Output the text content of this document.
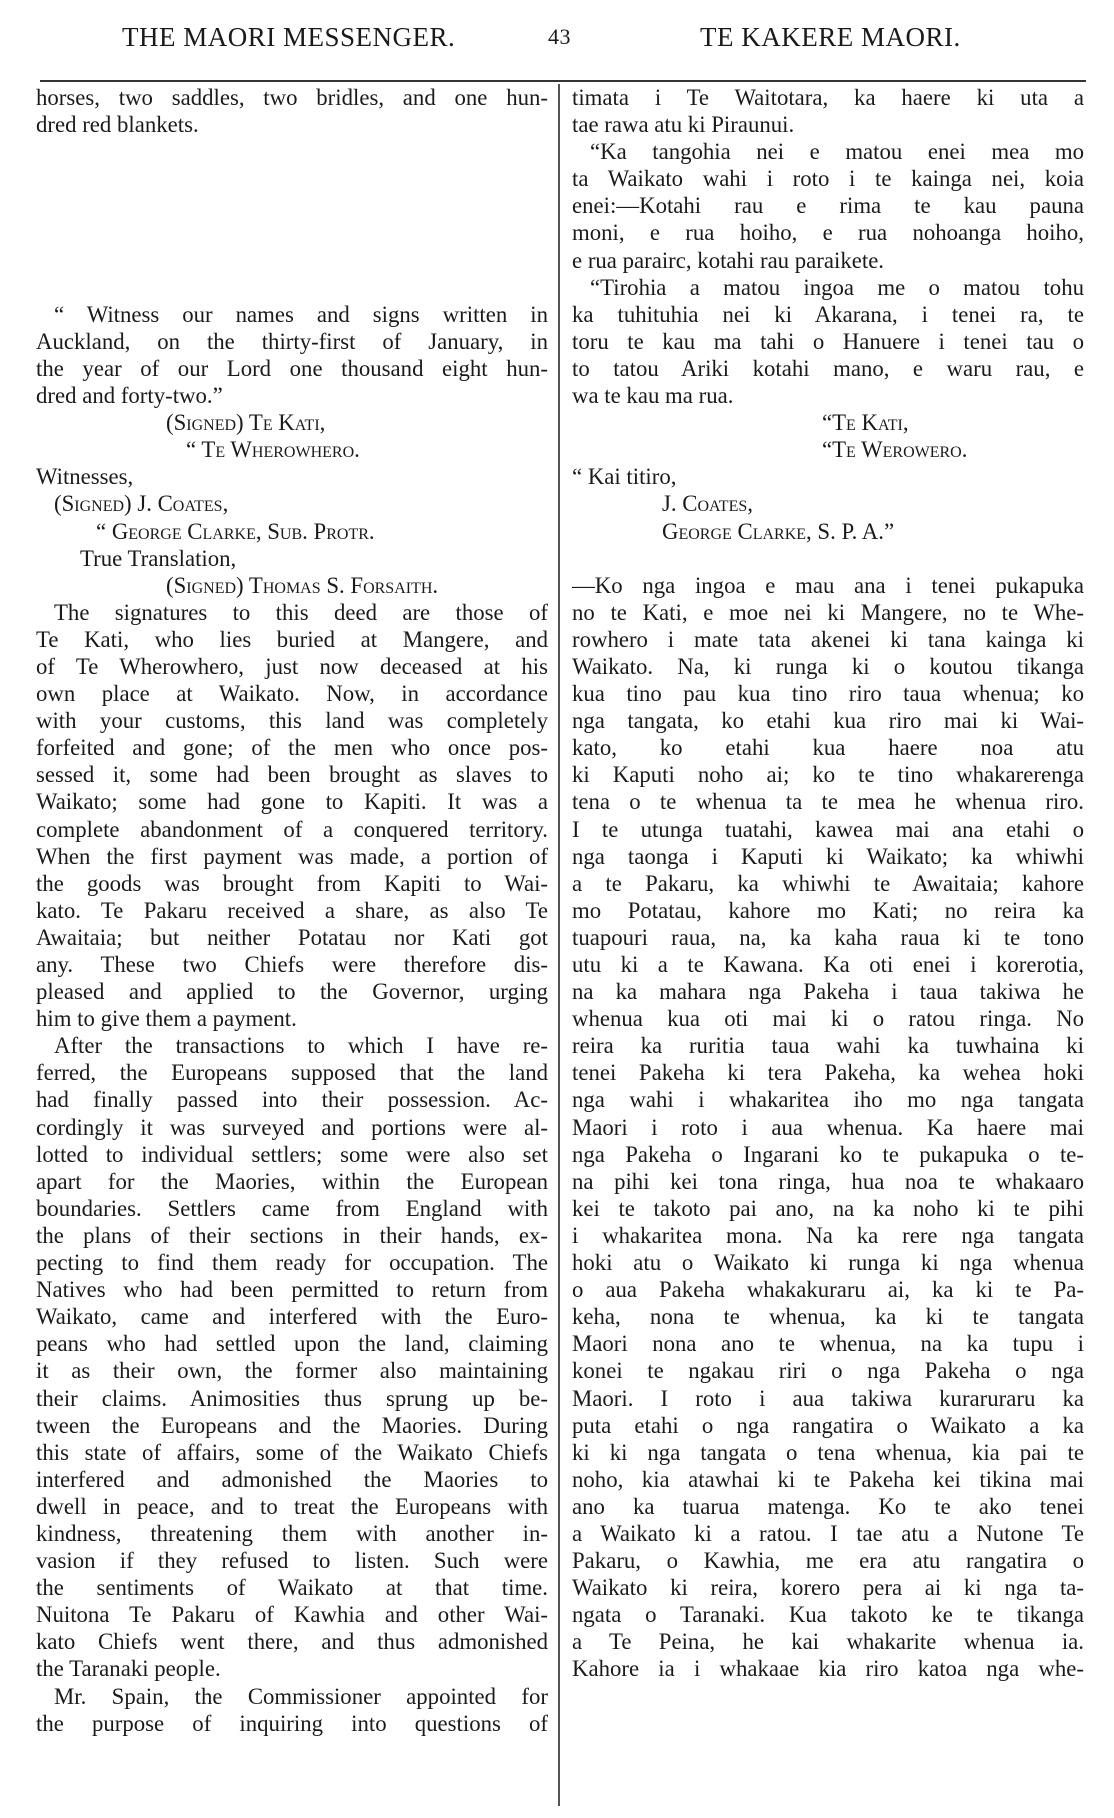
THE MAORI MESSENGER.	43	TE KAKERE MAORI.
horses, two saddles, two bridles, and one hun-
dred red blankets.
“ Witness our names and signs written in
Auckland, on the thirty-first of January, in
the year of our Lord one thousand eight hun-
dred and forty-two.”
(Signed) Te Kati,
“ Te Wherowhero.
Witnesses,
(Signed) J. Coates,
“ George Clarke, Sub. Protr.
True Translation,
(Signed) Thomas S. Forsaith.
The signatures to this deed are those of
Te Kati, who lies buried at Mangere, and
of Te Wherowhero, just now deceased at his
own place at Waikato. Now, in accordance
with your customs, this land was completely
forfeited and gone; of the men who once pos-
sessed it, some had been brought as slaves to
Waikato; some had gone to Kapiti. It was a
complete abandonment of a conquered territory.
When the first payment was made, a portion of
the goods was brought from Kapiti to Wai-
kato. Te Pakaru received a share, as also Te
Awaitaia; but neither Potatau nor Kati got
any. These two Chiefs were therefore dis-
pleased and applied to the Governor, urging
him to give them a payment.
After the transactions to which I have re-
ferred, the Europeans supposed that the land
had finally passed into their possession. Ac-
cordingly it was surveyed and portions were al-
lotted to individual settlers; some were also set
apart for the Maories, within the European
boundaries. Settlers came from England with
the plans of their sections in their hands, ex-
pecting to find them ready for occupation. The
Natives who had been permitted to return from
Waikato, came and interfered with the Euro-
peans who had settled upon the land, claiming
it as their own, the former also maintaining
their claims. Animosities thus sprung up be-
tween the Europeans and the Maories. During
this state of affairs, some of the Waikato Chiefs
interfered and admonished the Maories to
dwell in peace, and to treat the Europeans with
kindness, threatening them with another in-
vasion if they refused to listen. Such were
the sentiments of Waikato at that time.
Nuitona Te Pakaru of Kawhia and other Wai-
kato Chiefs went there, and thus admonished
the Taranaki people.
Mr. Spain, the Commissioner appointed for
the purpose of inquiring into questions of
timata i Te Waitotara, ka haere ki uta a
tae rawa atu ki Piraunui.
“Ka tangohia nei e matou enei mea mo
ta Waikato wahi i roto i te kainga nei, koia
enei:—Kotahi rau e rima te kau pauna
moni, e rua hoiho, e rua nohoanga hoiho,
e rua parairc, kotahi rau paraikete.
“Tirohia a matou ingoa me o matou tohu
ka tuhituhia nei ki Akarana, i tenei ra, te
toru te kau ma tahi o Hanuere i tenei tau o
to tatou Ariki kotahi mano, e waru rau, e
wa te kau ma rua.
“Te Kati,
“Te Werowero.
“ Kai titiro,
J. Coates,
George Clarke, S. P. A.”
—Ko nga ingoa e mau ana i tenei pukapuka
no te Kati, e moe nei ki Mangere, no te Whe-
rowhero i mate tata akenei ki tana kainga ki
Waikato. Na, ki runga ki o koutou tikanga
kua tino pau kua tino riro taua whenua; ko
nga tangata, ko etahi kua riro mai ki Wai-
kato, ko etahi kua haere noa atu
ki Kaputi noho ai; ko te tino whakarerenga
tena o te whenua ta te mea he whenua riro.
I te utunga tuatahi, kawea mai ana etahi o
nga taonga i Kaputi ki Waikato; ka whiwhi
a te Pakaru, ka whiwhi te Awaitaia; kahore
mo Potatau, kahore mo Kati; no reira ka
tuapouri raua, na, ka kaha raua ki te tono
utu ki a te Kawana. Ka oti enei i korerotia,
na ka mahara nga Pakeha i taua takiwa he
whenua kua oti mai ki o ratou ringa. No
reira ka ruritia taua wahi ka tuwhaina ki
tenei Pakeha ki tera Pakeha, ka wehea hoki
nga wahi i whakaritea iho mo nga tangata
Maori i roto i aua whenua. Ka haere mai
nga Pakeha o Ingarani ko te pukapuka o te-
na pihi kei tona ringa, hua noa te whakaaro
kei te takoto pai ano, na ka noho ki te pihi
i whakaritea mona. Na ka rere nga tangata
hoki atu o Waikato ki runga ki nga whenua
o aua Pakeha whakakuraru ai, ka ki te Pa-
keha, nona te whenua, ka ki te tangata
Maori nona ano te whenua, na ka tupu i
konei te ngakau riri o nga Pakeha o nga
Maori. I roto i aua takiwa kuraruraru ka
puta etahi o nga rangatira o Waikato a ka
ki ki nga tangata o tena whenua, kia pai te
noho, kia atawhai ki te Pakeha kei tikina mai
ano ka tuarua matenga. Ko te ako tenei
a Waikato ki a ratou. I tae atu a Nutone Te
Pakaru, o Kawhia, me era atu rangatira o
Waikato ki reira, korero pera ai ki nga ta-
ngata o Taranaki. Kua takoto ke te tikanga
a Te Peina, he kai whakarite whenua ia.
Kahore ia i whakaae kia riro katoa nga whe-
